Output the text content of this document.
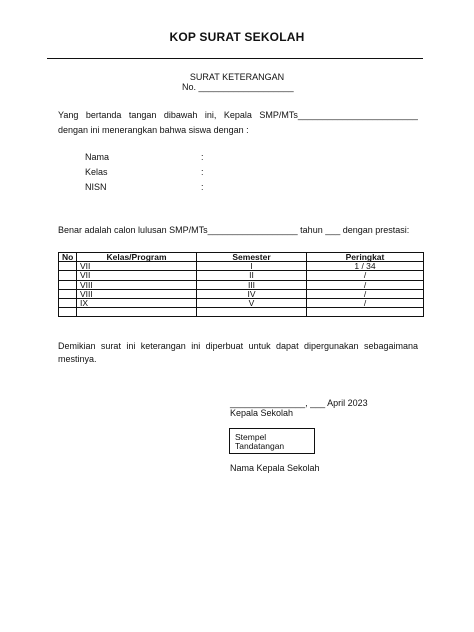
KOP SURAT SEKOLAH
SURAT KETERANGAN
No. ___________________
Yang bertanda tangan dibawah ini, Kepala SMP/MTs________________________
dengan ini menerangkan bahwa siswa dengan :
Nama	:
Kelas	:
NISN	:
Benar adalah calon lulusan SMP/MTs__________________ tahun ___ dengan prestasi:
No	Kelas/Program	Semester	Peringkat
	VII	I	1 / 34
	VII	II	/
	VIII	III	/
	VIII	IV	/
	IX	V	/

Demikian surat ini keterangan ini diperbuat untuk dapat dipergunakan sebagaimana mestinya.
_______________, ___ April 2023
Kepala Sekolah
Stempel
Tandatangan
Nama Kepala Sekolah
